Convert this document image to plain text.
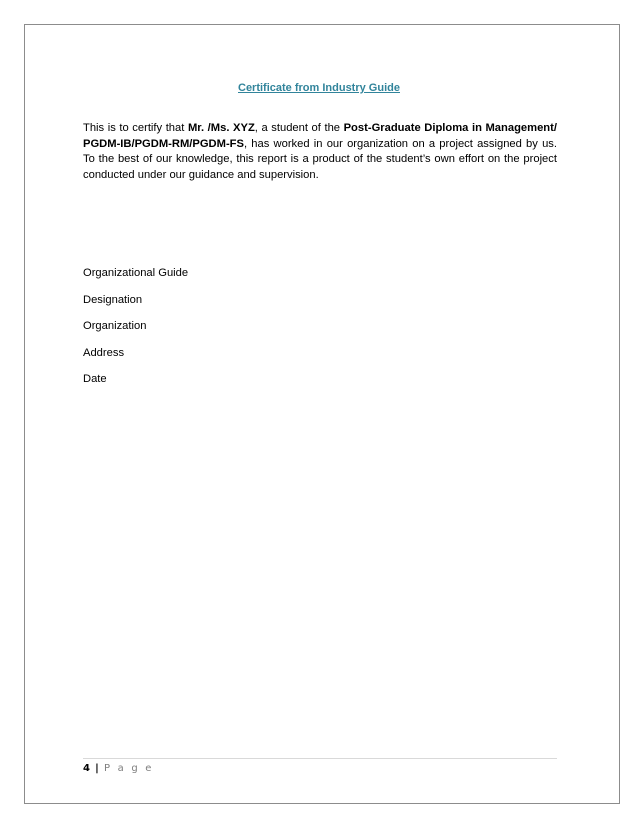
Certificate from Industry Guide

This is to certify that Mr. /Ms. XYZ, a student of the Post-Graduate Diploma in Management/ PGDM-IB/PGDM-RM/PGDM-FS, has worked in our organization on a project assigned by us. To the best of our knowledge, this report is a product of the student’s own effort on the project conducted under our guidance and supervision.

Organizational Guide
Designation
Organization
Address
Date
4 | P a g e
